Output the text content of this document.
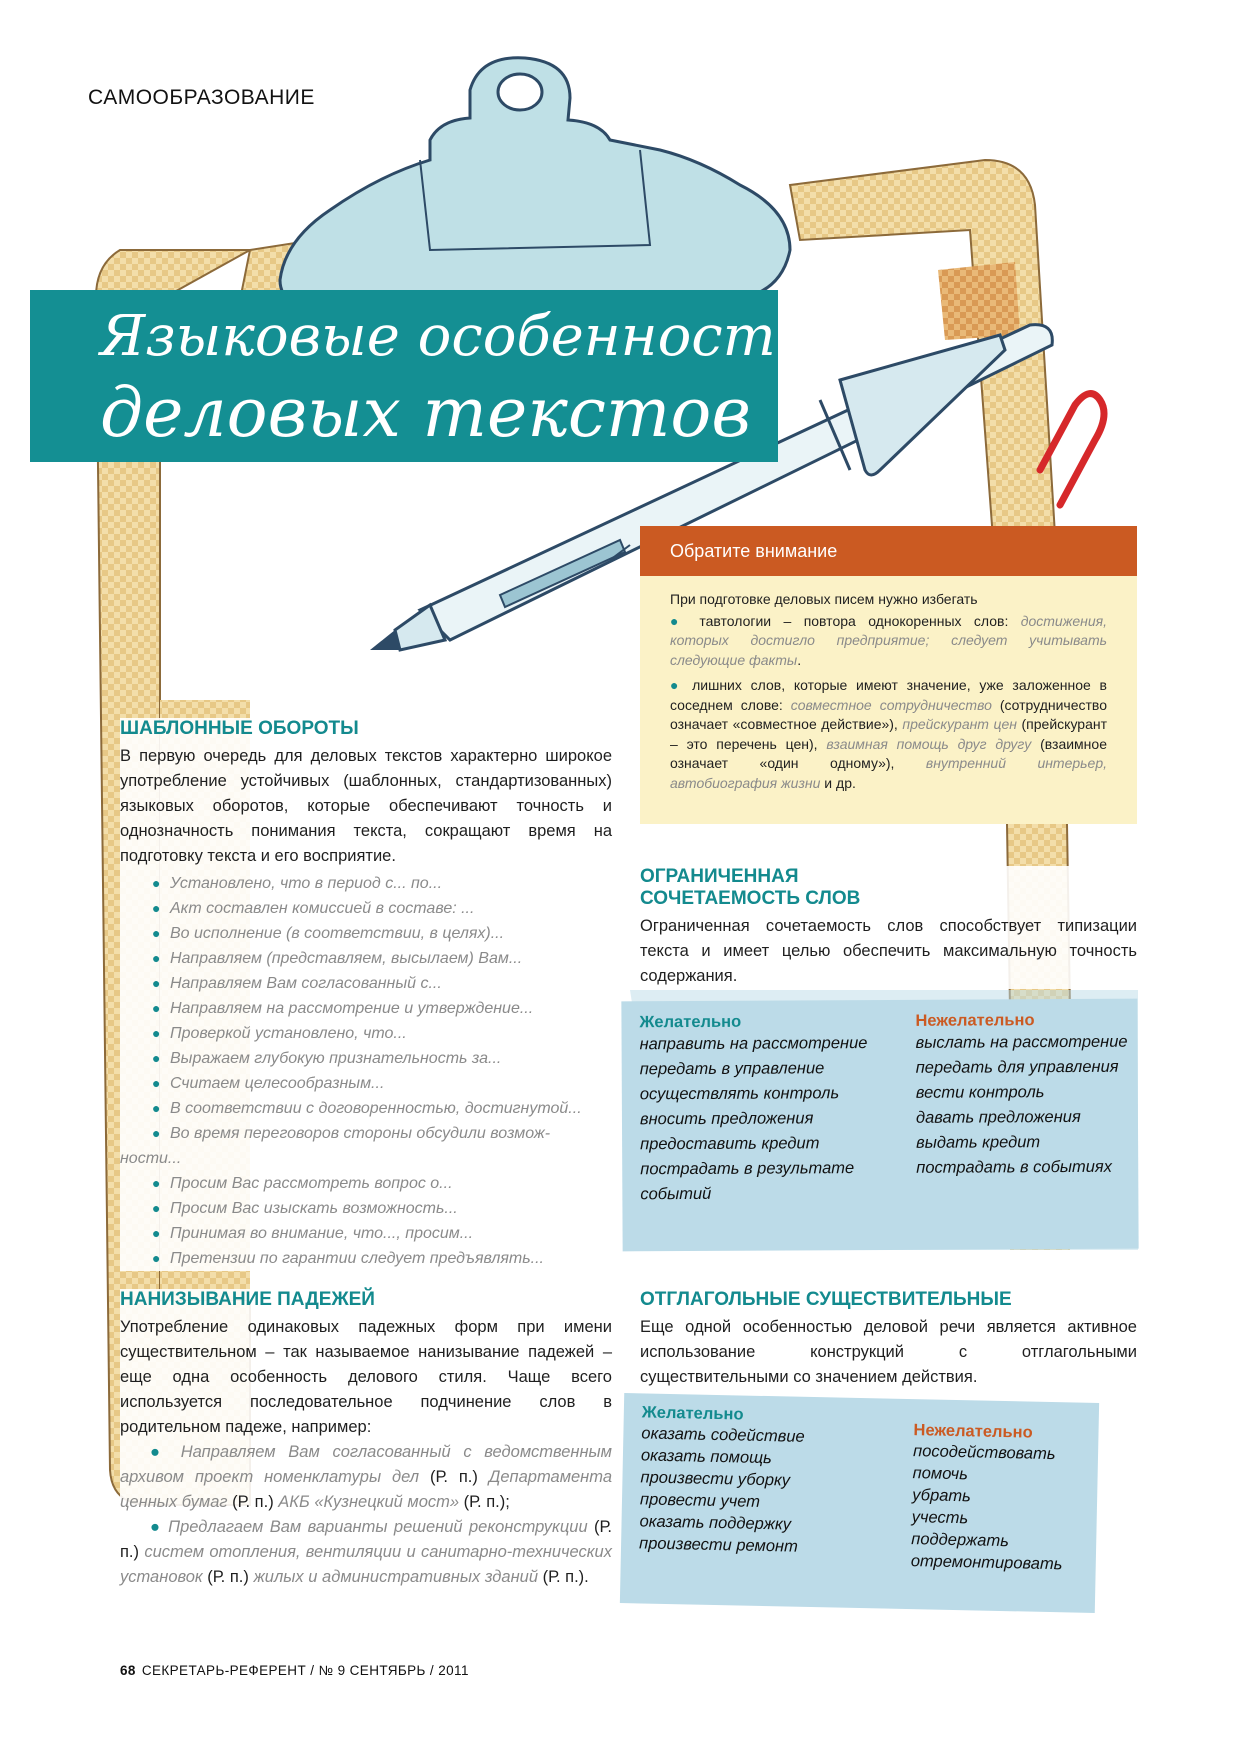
САМООБРАЗОВАНИЕ
Языковые особенности
деловых текстов
Обратите внимание
При подготовке деловых писем нужно избегать
● тавтологии – повтора однокоренных слов: достижения, которых достигло предприятие; следует учитывать следующие факты.
● лишних слов, которые имеют значение, уже заложенное в соседнем слове: совместное сотрудничество (сотрудничество означает «совместное действие»), прейскурант цен (прейскурант – это перечень цен), взаимная помощь друг другу (взаимное означает «один одному»), внутренний интерьер, автобиография жизни и др.
ШАБЛОННЫЕ ОБОРОТЫ
В первую очередь для деловых текстов характерно широкое употребление устойчивых (шаблонных, стандартизованных) языковых оборотов, которые обеспечивают точность и однозначность понимания текста, сокращают время на подготовку текста и его восприятие.
● Установлено, что в период с... по...
● Акт составлен комиссией в составе: ...
● Во исполнение (в соответствии, в целях)...
● Направляем (представляем, высылаем) Вам...
● Направляем Вам согласованный с...
● Направляем на рассмотрение и утверждение...
● Проверкой установлено, что...
● Выражаем глубокую признательность за...
● Считаем целесообразным...
● В соответствии с договоренностью, достигнутой...
● Во время переговоров стороны обсудили возмож-
ности...
● Просим Вас рассмотреть вопрос о...
● Просим Вас изыскать возможность...
● Принимая во внимание, что..., просим...
● Претензии по гарантии следует предъявлять...
НАНИЗЫВАНИЕ ПАДЕЖЕЙ
Употребление одинаковых падежных форм при имени существительном – так называемое нанизывание падежей – еще одна особенность делового стиля. Чаще всего используется последовательное подчинение слов в родительном падеже, например:
● Направляем Вам согласованный с ведомственным архивом проект номенклатуры дел (Р. п.) Департамента ценных бумаг (Р. п.) АКБ «Кузнецкий мост» (Р. п.);
● Предлагаем Вам варианты решений реконструкции (Р. п.) систем отопления, вентиляции и санитарно-технических установок (Р. п.) жилых и административных зданий (Р. п.).
ОГРАНИЧЕННАЯ
СОЧЕТАЕМОСТЬ СЛОВ
Ограниченная сочетаемость слов способствует типизации текста и имеет целью обеспечить максимальную точность содержания.
Желательно
направить на рассмотрение
передать в управление
осуществлять контроль
вносить предложения
предоставить кредит
пострадать в результате
событий
Нежелательно
выслать на рассмотрение
передать для управления
вести контроль
давать предложения
выдать кредит
пострадать в событиях
ОТГЛАГОЛЬНЫЕ СУЩЕСТВИТЕЛЬНЫЕ
Еще одной особенностью деловой речи является активное использование конструкций с отглагольными существительными со значением действия.
Желательно
оказать содействие
оказать помощь
произвести уборку
провести учет
оказать поддержку
произвести ремонт
Нежелательно
посодействовать
помочь
убрать
учесть
поддержать
отремонтировать
68 СЕКРЕТАРЬ-РЕФЕРЕНТ / № 9 СЕНТЯБРЬ / 2011
